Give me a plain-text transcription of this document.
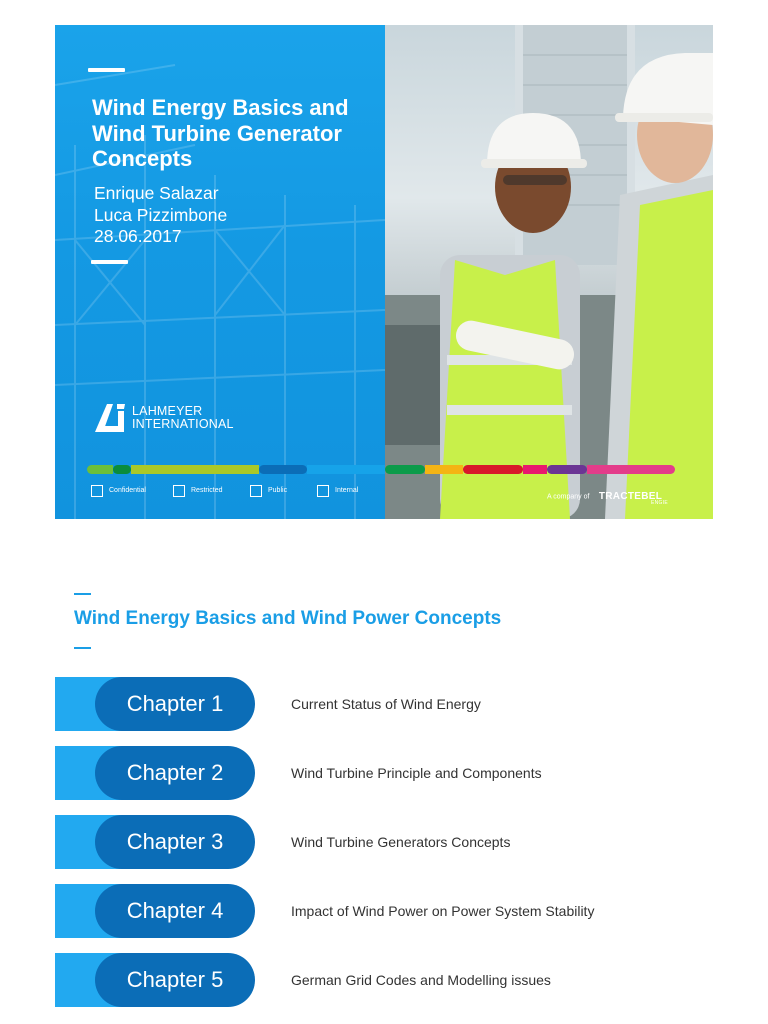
Wind Energy Basics and
Wind Turbine Generator
Concepts
Enrique Salazar
Luca Pizzimbone
28.06.2017
LAHMEYER
INTERNATIONAL
Confidential	Restricted	Public	Internal
A company of TRACTEBEL
ENGIE
Wind Energy Basics and Wind Power Concepts
Chapter 1	Current Status of Wind Energy
Chapter 2	Wind Turbine Principle and Components
Chapter 3	Wind Turbine Generators Concepts
Chapter 4	Impact of Wind Power on Power System Stability
Chapter 5	German Grid Codes and Modelling issues
